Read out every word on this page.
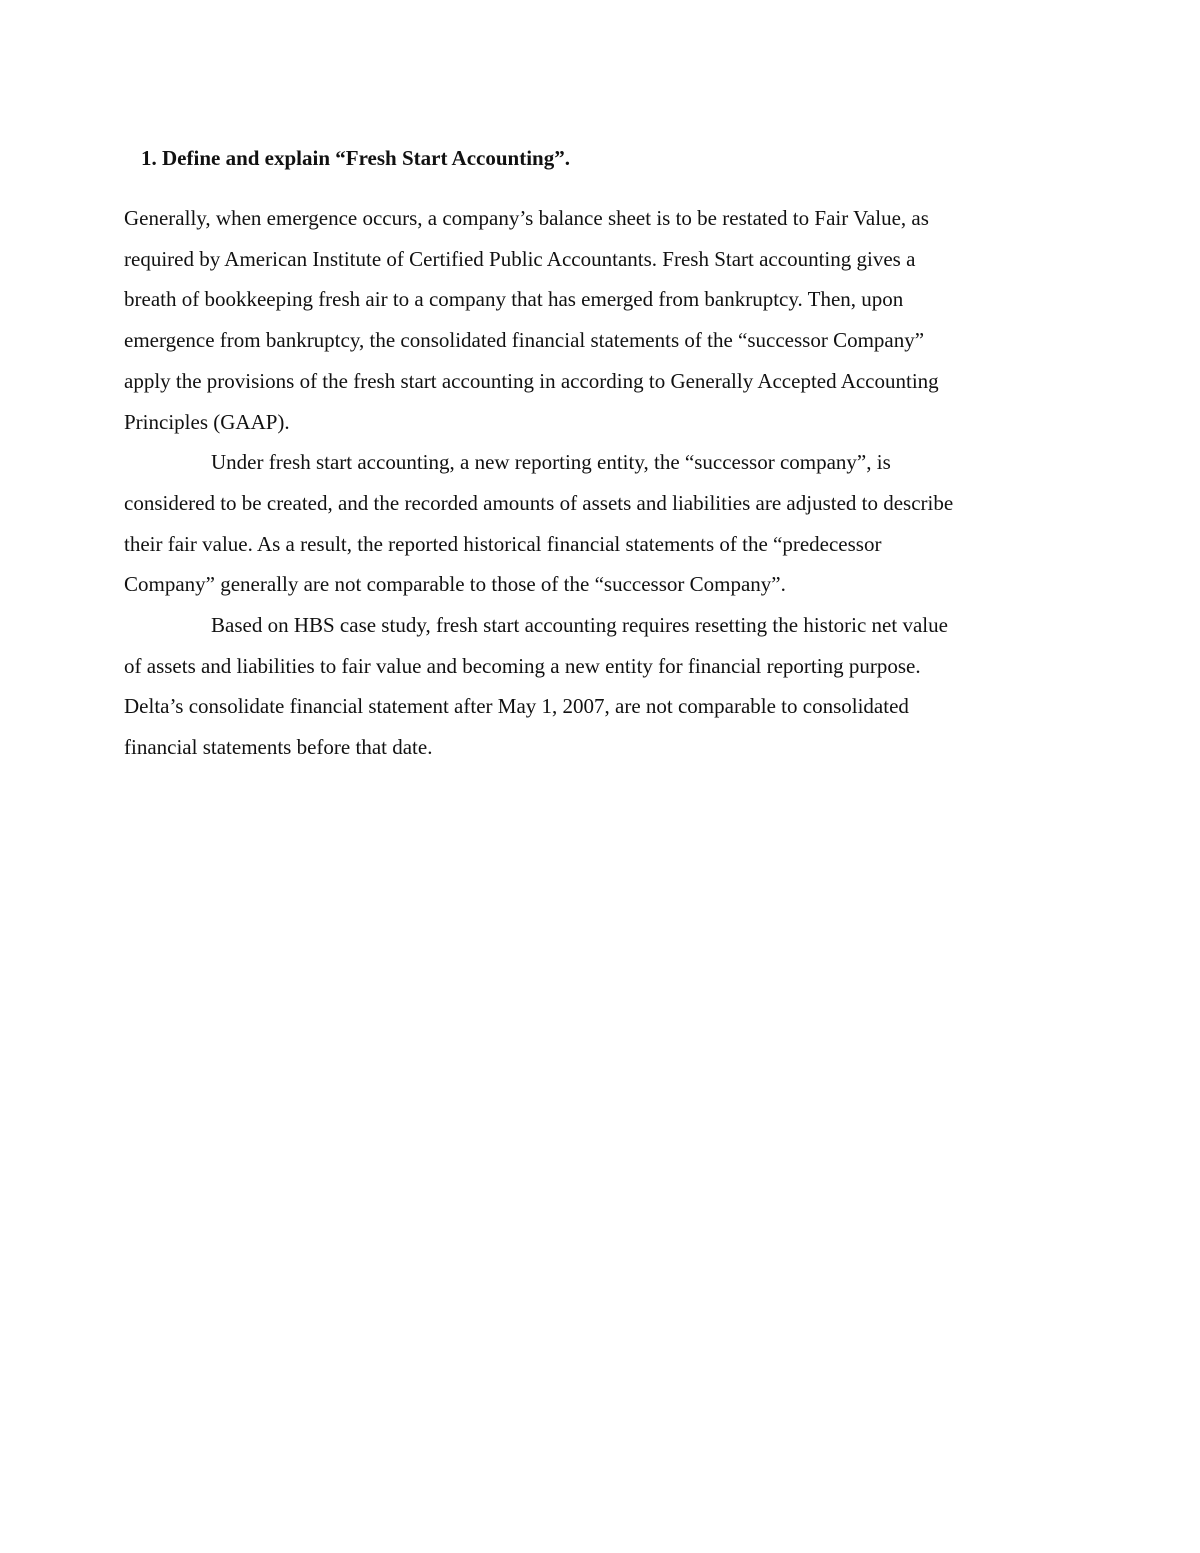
1. Define and explain “Fresh Start Accounting”.

Generally, when emergence occurs, a company’s balance sheet is to be restated to Fair Value, as
required by American Institute of Certified Public Accountants. Fresh Start accounting gives a
breath of bookkeeping fresh air to a company that has emerged from bankruptcy. Then, upon
emergence from bankruptcy, the consolidated financial statements of the “successor Company”
apply the provisions of the fresh start accounting in according to Generally Accepted Accounting
Principles (GAAP).

Under fresh start accounting, a new reporting entity, the “successor company”, is
considered to be created, and the recorded amounts of assets and liabilities are adjusted to describe
their fair value. As a result, the reported historical financial statements of the “predecessor
Company” generally are not comparable to those of the “successor Company”.

Based on HBS case study, fresh start accounting requires resetting the historic net value
of assets and liabilities to fair value and becoming a new entity for financial reporting purpose.
Delta’s consolidate financial statement after May 1, 2007, are not comparable to consolidated
financial statements before that date.
